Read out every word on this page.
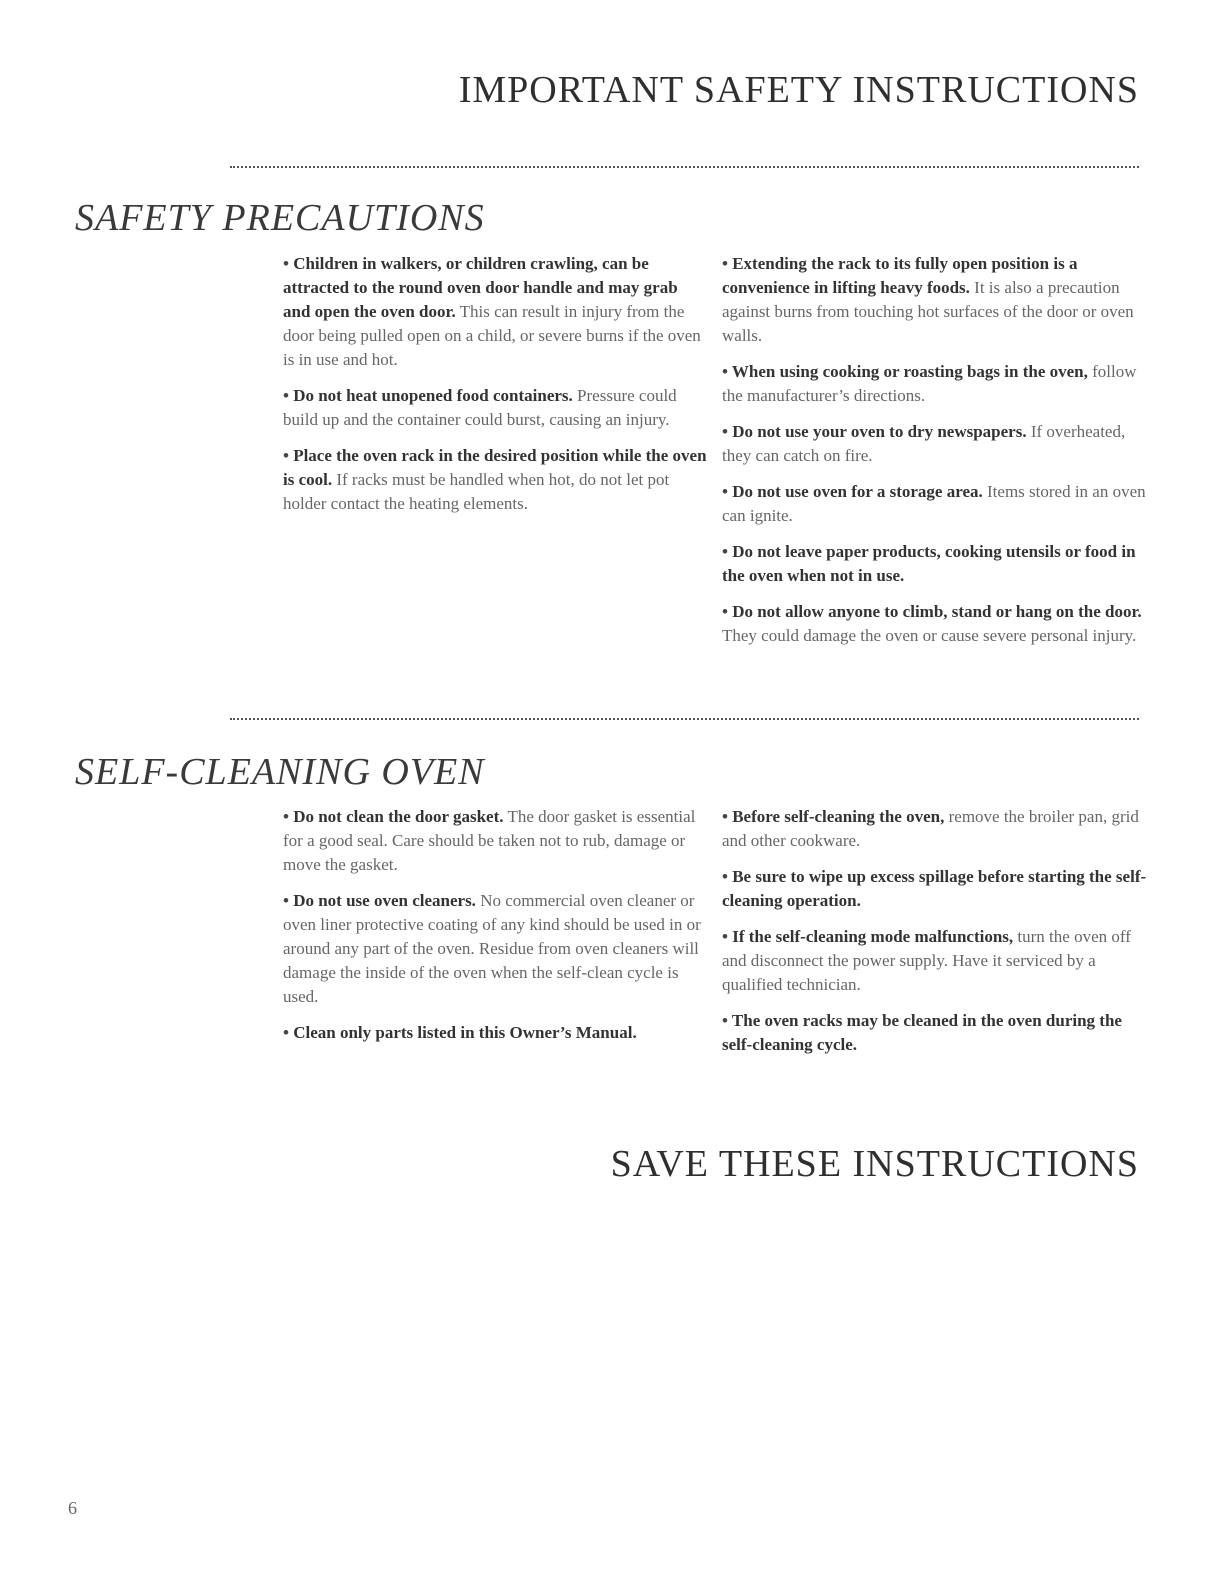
IMPORTANT SAFETY INSTRUCTIONS
SAFETY PRECAUTIONS
• Children in walkers, or children crawling, can be attracted to the round oven door handle and may grab and open the oven door. This can result in injury from the door being pulled open on a child, or severe burns if the oven is in use and hot.
• Do not heat unopened food containers. Pressure could build up and the container could burst, causing an injury.
• Place the oven rack in the desired position while the oven is cool. If racks must be handled when hot, do not let pot holder contact the heating elements.
• Extending the rack to its fully open position is a convenience in lifting heavy foods. It is also a precaution against burns from touching hot surfaces of the door or oven walls.
• When using cooking or roasting bags in the oven, follow the manufacturer’s directions.
• Do not use your oven to dry newspapers. If overheated, they can catch on fire.
• Do not use oven for a storage area. Items stored in an oven can ignite.
• Do not leave paper products, cooking utensils or food in the oven when not in use.
• Do not allow anyone to climb, stand or hang on the door. They could damage the oven or cause severe personal injury.
SELF-CLEANING OVEN
• Do not clean the door gasket. The door gasket is essential for a good seal. Care should be taken not to rub, damage or move the gasket.
• Do not use oven cleaners. No commercial oven cleaner or oven liner protective coating of any kind should be used in or around any part of the oven. Residue from oven cleaners will damage the inside of the oven when the self-clean cycle is used.
• Clean only parts listed in this Owner’s Manual.
• Before self-cleaning the oven, remove the broiler pan, grid and other cookware.
• Be sure to wipe up excess spillage before starting the self-cleaning operation.
• If the self-cleaning mode malfunctions, turn the oven off and disconnect the power supply. Have it serviced by a qualified technician.
• The oven racks may be cleaned in the oven during the self-cleaning cycle.
SAVE THESE INSTRUCTIONS
6
